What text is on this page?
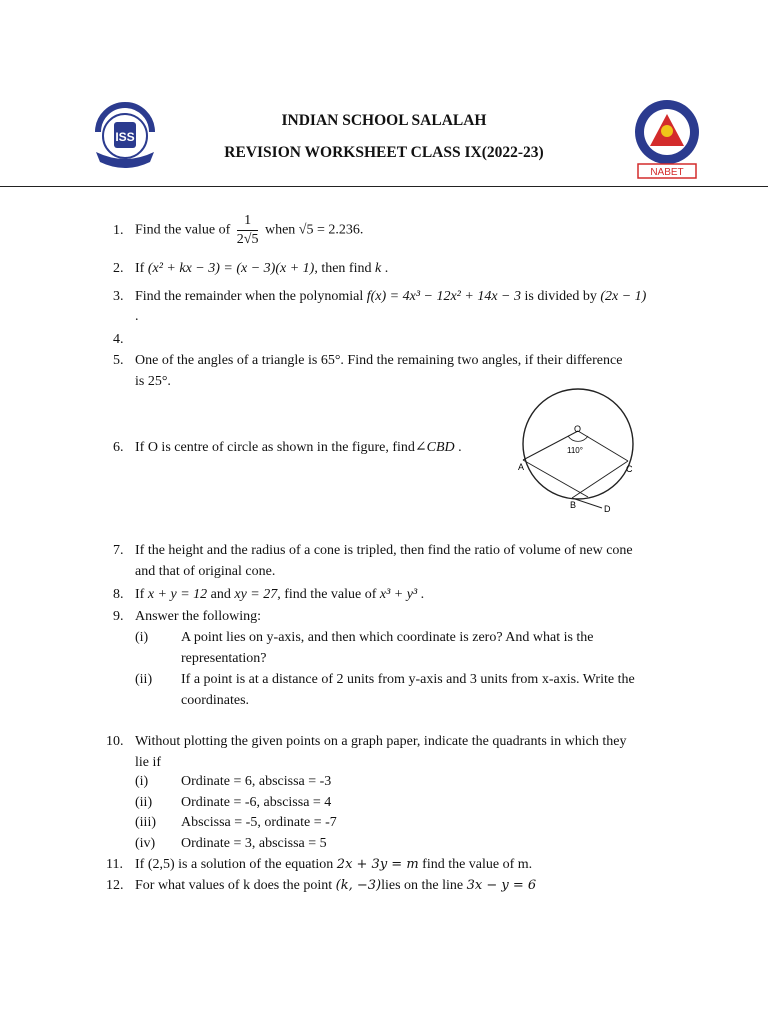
ISS
INDIAN SCHOOL SALALAH
REVISION WORKSHEET CLASS IX(2022-23)
NABET
1. Find the value of $\frac{1}{2√5}$ when √5 = 2.236.
2. If (x² + kx − 3) = (x − 3)(x + 1), then find k .
3. Find the remainder when the polynomial f(x) = 4x³ − 12x² + 14x − 3 is divided by (2x − 1)
.
4.
5. One of the angles of a triangle is 65°. Find the remaining two angles, if their difference
is 25°.
6. If O is centre of circle as shown in the figure, find∠CBD .
O
110°
A	C
B	D
7. If the height and the radius of a cone is tripled, then find the ratio of volume of new cone
and that of original cone.
8. If x + y = 12 and xy = 27, find the value of x³ + y³ .
9. Answer the following:
(i) A point lies on y-axis, and then which coordinate is zero? And what is the
representation?
(ii) If a point is at a distance of 2 units from y-axis and 3 units from x-axis. Write the
coordinates.
10. Without plotting the given points on a graph paper, indicate the quadrants in which they
lie if
(i) Ordinate = 6, abscissa = -3
(ii) Ordinate = -6, abscissa = 4
(iii) Abscissa = -5, ordinate = -7
(iv) Ordinate = 3, abscissa = 5
11. If (2,5) is a solution of the equation 2x + 3y = m find the value of m.
12. For what values of k does the point (k, −3)lies on the line 3x − y = 6
